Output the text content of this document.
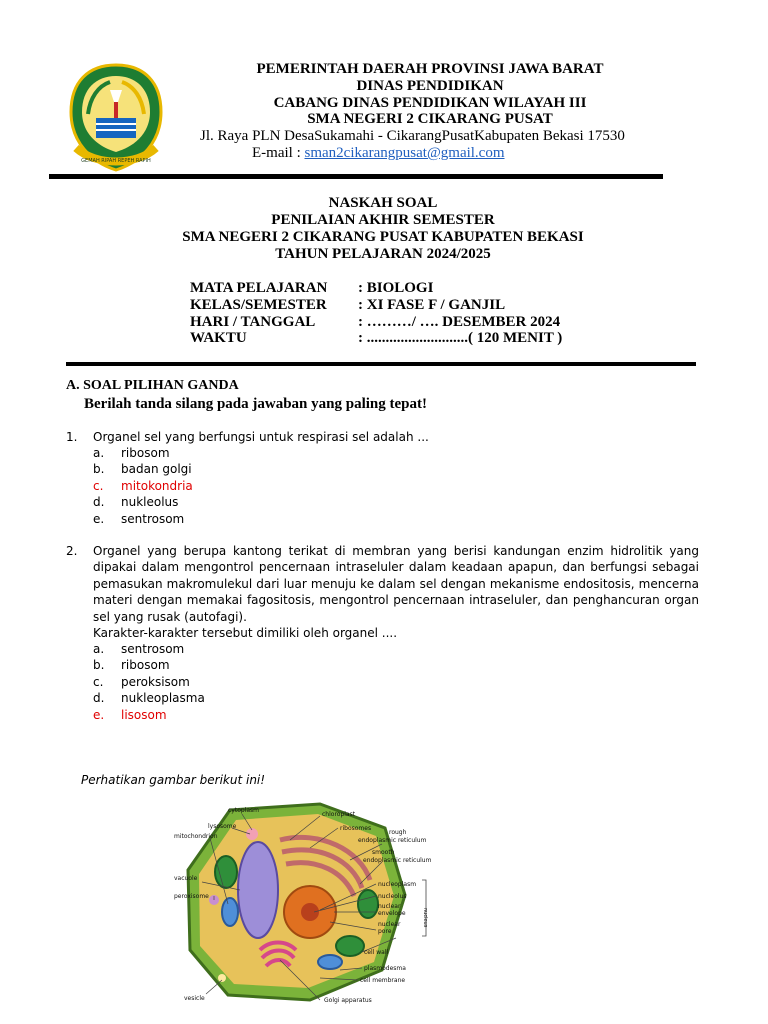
GEMAH RIPAH REPEH RAPIH
PEMERINTAH DAERAH PROVINSI JAWA BARAT
DINAS PENDIDIKAN
CABANG DINAS PENDIDIKAN WILAYAH III
SMA NEGERI 2 CIKARANG PUSAT
Jl. Raya PLN DesaSukamahi - CikarangPusatKabupaten Bekasi 17530
E-mail : sman2cikarangpusat@gmail.com
NASKAH SOAL
PENILAIAN AKHIR SEMESTER
SMA NEGERI 2 CIKARANG PUSAT KABUPATEN BEKASI
TAHUN PELAJARAN 2024/2025
MATA PELAJARAN : BIOLOGI
KELAS/SEMESTER : XI FASE F / GANJIL
HARI / TANGGAL	: ………/ …. DESEMBER 2024
WAKTU	: ...........................( 120 MENIT )
A. SOAL PILIHAN GANDA
Berilah tanda silang pada jawaban yang paling tepat!
1. Organel sel yang berfungsi untuk respirasi sel adalah ...
a. ribosom
b. badan golgi
c. mitokondria
d. nukleolus
e. sentrosom
2. Organel yang berupa kantong terikat di membran yang berisi kandungan enzim hidrolitik yang dipakai dalam mengontrol pencernaan intraseluler dalam keadaan apapun, dan berfungsi sebagai pemasukan makromulekul dari luar menuju ke dalam sel dengan mekanisme endositosis, mencerna materi dengan memakai fagositosis, mengontrol pencernaan intraseluler, dan penghancuran organ sel yang rusak (autofagi).
Karakter-karakter tersebut dimiliki oleh organel ....
a. sentrosom
b. ribosom
c. peroksisom
d. nukleoplasma
e. lisosom
Perhatikan gambar berikut ini!
cytoplasm
lysosome
mitochondrion
vacuole
peroxisome
vesicle
chloroplast
ribosomes
rough
endoplasmic reticulum
smooth
endoplasmic reticulum
nucleoplasm
nucleolus
nuclear
envelope
nuclear
pore
cell wall
plasmodesma
cell membrane
Golgi apparatus
nucleus
